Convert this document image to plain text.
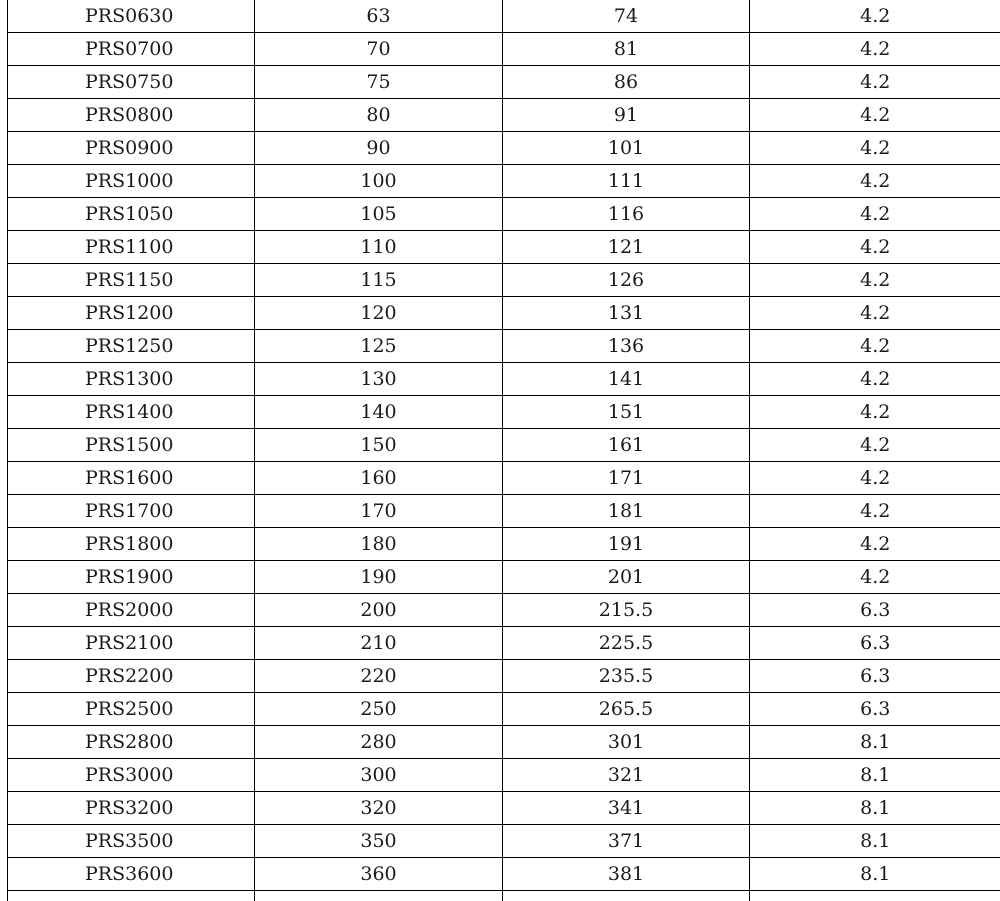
PRS0630	63	74	4.2
PRS0700	70	81	4.2
PRS0750	75	86	4.2
PRS0800	80	91	4.2
PRS0900	90	101	4.2
PRS1000	100	111	4.2
PRS1050	105	116	4.2
PRS1100	110	121	4.2
PRS1150	115	126	4.2
PRS1200	120	131	4.2
PRS1250	125	136	4.2
PRS1300	130	141	4.2
PRS1400	140	151	4.2
PRS1500	150	161	4.2
PRS1600	160	171	4.2
PRS1700	170	181	4.2
PRS1800	180	191	4.2
PRS1900	190	201	4.2
PRS2000	200	215.5	6.3
PRS2100	210	225.5	6.3
PRS2200	220	235.5	6.3
PRS2500	250	265.5	6.3
PRS2800	280	301	8.1
PRS3000	300	321	8.1
PRS3200	320	341	8.1
PRS3500	350	371	8.1
PRS3600	360	381	8.1
